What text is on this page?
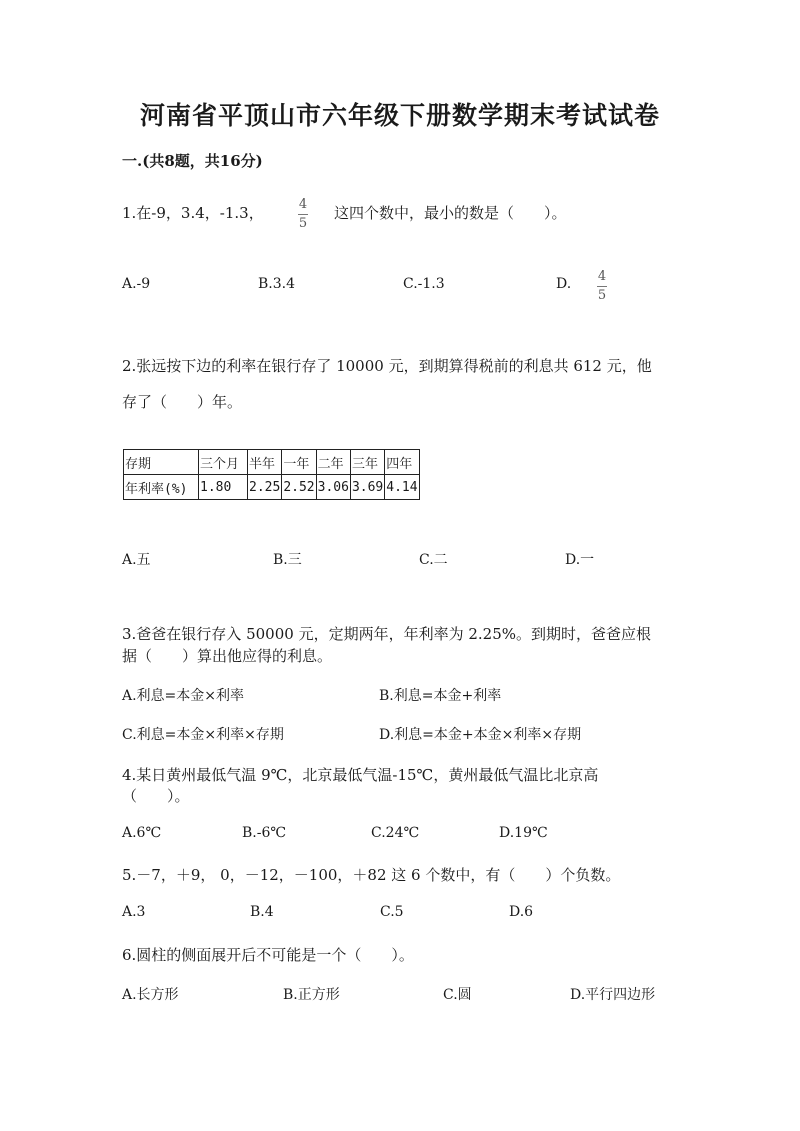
河南省平顶山市六年级下册数学期末考试试卷
一.(共8题，共16分)
1.在-9，3.4，-1.3，	4
5
这四个数中，最小的数是（　　）。
A.-9	B.3.4	C.-1.3	D. 4
5
2.张远按下边的利率在银行存了 10000 元，到期算得税前的利息共 612 元，他
存了（　　）年。
存期	三个月	半年	一年	二年	三年	四年
年利率(%)	1.80	2.25	2.52	3.06	3.69	4.14
A.五	B.三	C.二	D.一
3.爸爸在银行存入 50000 元，定期两年，年利率为 2.25%。到期时，爸爸应根
据（　　）算出他应得的利息。
A.利息=本金×利率	B.利息=本金+利率
C.利息=本金×利率×存期	D.利息=本金+本金×利率×存期
4.某日黄州最低气温 9℃，北京最低气温-15℃，黄州最低气温比北京高
（　　）。
A.6℃	B.-6℃	C.24℃	D.19℃
5.－7，＋9， 0，－12，－100，＋82 这 6 个数中，有（　　）个负数。
A.3	B.4	C.5	D.6
6.圆柱的侧面展开后不可能是一个（　　）。
A.长方形	B.正方形	C.圆	D.平行四边形
